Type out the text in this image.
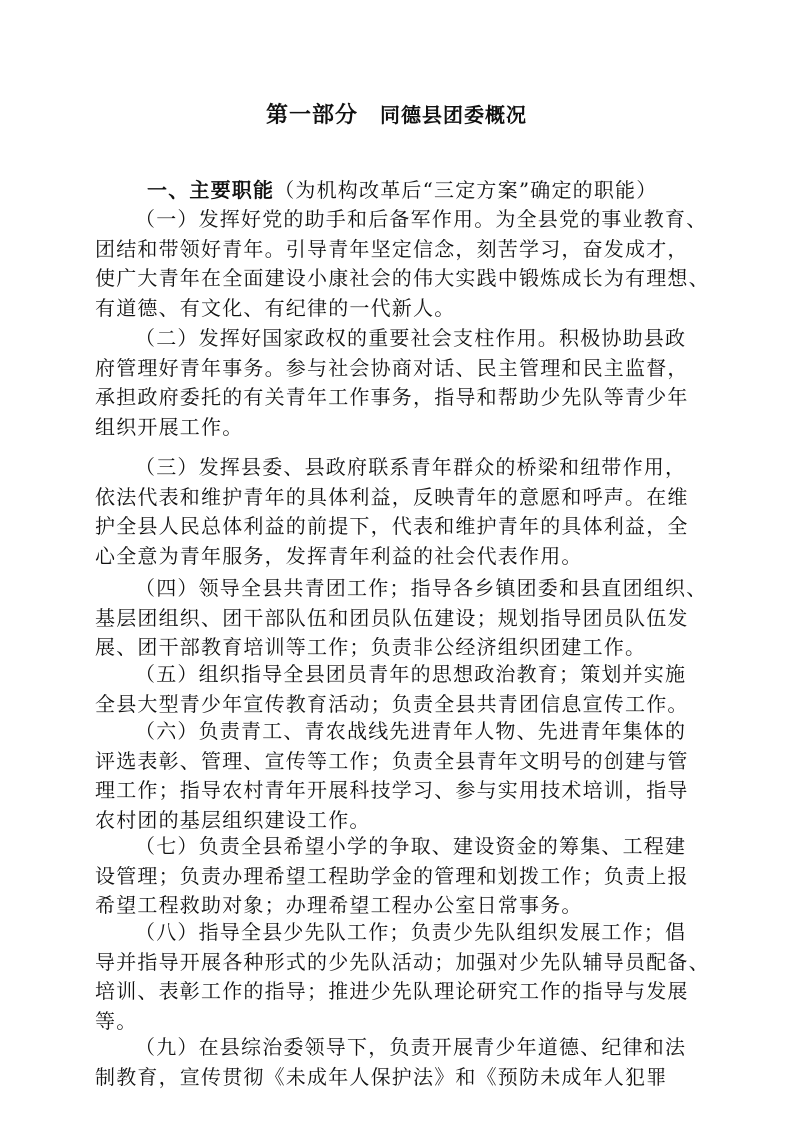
第一部分 同德县团委概况
一、主要职能（为机构改革后“三定方案”确定的职能）
（一）发挥好党的助手和后备军作用。为全县党的事业教育、
团结和带领好青年。引导青年坚定信念，刻苦学习，奋发成才，
使广大青年在全面建设小康社会的伟大实践中锻炼成长为有理想、
有道德、有文化、有纪律的一代新人。
（二）发挥好国家政权的重要社会支柱作用。积极协助县政
府管理好青年事务。参与社会协商对话、民主管理和民主监督，
承担政府委托的有关青年工作事务，指导和帮助少先队等青少年
组织开展工作。
（三）发挥县委、县政府联系青年群众的桥梁和纽带作用，
依法代表和维护青年的具体利益，反映青年的意愿和呼声。在维
护全县人民总体利益的前提下，代表和维护青年的具体利益，全
心全意为青年服务，发挥青年利益的社会代表作用。
（四）领导全县共青团工作；指导各乡镇团委和县直团组织、
基层团组织、团干部队伍和团员队伍建设；规划指导团员队伍发
展、团干部教育培训等工作；负责非公经济组织团建工作。
（五）组织指导全县团员青年的思想政治教育；策划并实施
全县大型青少年宣传教育活动；负责全县共青团信息宣传工作。
（六）负责青工、青农战线先进青年人物、先进青年集体的
评选表彰、管理、宣传等工作；负责全县青年文明号的创建与管
理工作；指导农村青年开展科技学习、参与实用技术培训，指导
农村团的基层组织建设工作。
（七）负责全县希望小学的争取、建设资金的筹集、工程建
设管理；负责办理希望工程助学金的管理和划拨工作；负责上报
希望工程救助对象；办理希望工程办公室日常事务。
（八）指导全县少先队工作；负责少先队组织发展工作；倡
导并指导开展各种形式的少先队活动；加强对少先队辅导员配备、
培训、表彰工作的指导；推进少先队理论研究工作的指导与发展
等。
（九）在县综治委领导下，负责开展青少年道德、纪律和法
制教育，宣传贯彻《未成年人保护法》和《预防未成年人犯罪
